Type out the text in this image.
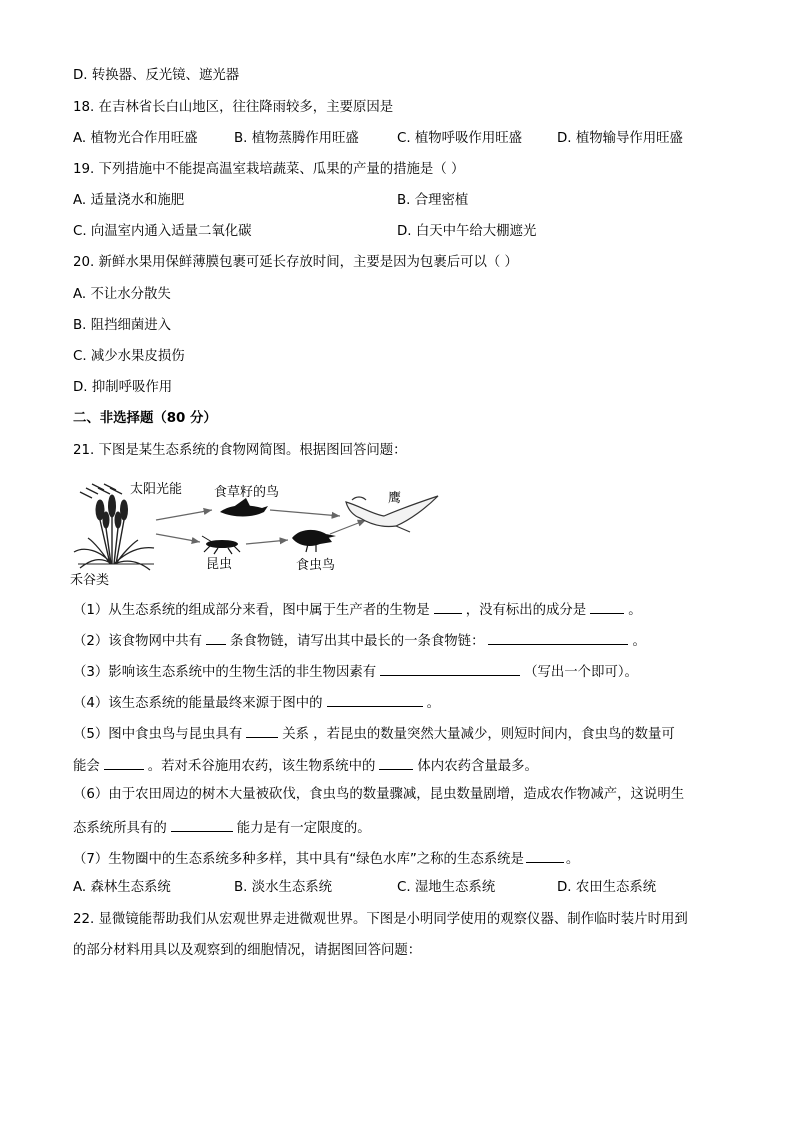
D. 转换器、反光镜、遮光器
18. 在吉林省长白山地区，往往降雨较多，主要原因是
A. 植物光合作用旺盛	B. 植物蒸腾作用旺盛	C. 植物呼吸作用旺盛	D. 植物输导作用旺盛
19. 下列措施中不能提高温室栽培蔬菜、瓜果的产量的措施是（ ）
A. 适量浇水和施肥	B. 合理密植
C. 向温室内通入适量二氧化碳	D. 白天中午给大棚遮光
20. 新鲜水果用保鲜薄膜包裹可延长存放时间，主要是因为包裹后可以（ ）
A. 不让水分散失
B. 阻挡细菌进入
C. 减少水果皮损伤
D. 抑制呼吸作用
二、非选择题（80 分）
21. 下图是某生态系统的食物网简图。根据图回答问题：
太阳光能
禾谷类
食草籽的鸟
昆虫	食虫鸟
鹰
（1）从生态系统的组成部分来看，图中属于生产者的生物是	，没有标出的成分是	。
（2）该食物网中共有 条食物链，请写出其中最长的一条食物链：	。
（3）影响该生态系统中的生物生活的非生物因素有	（写出一个即可）。
（4）该生态系统的能量最终来源于图中的	。
（5）图中食虫鸟与昆虫具有	关系 ，若昆虫的数量突然大量减少，则短时间内，食虫鸟的数量可
能会	。若对禾谷施用农药，该生物系统中的	体内农药含量最多。
（6）由于农田周边的树木大量被砍伐，食虫鸟的数量骤减，昆虫数量剧增，造成农作物减产，这说明生
态系统所具有的	能力是有一定限度的。
（7）生物圈中的生态系统多种多样，其中具有“绿色水库”之称的生态系统是	。
A. 森林生态系统	B. 淡水生态系统	C. 湿地生态系统	D. 农田生态系统
22. 显微镜能帮助我们从宏观世界走进微观世界。下图是小明同学使用的观察仪器、制作临时装片时用到
的部分材料用具以及观察到的细胞情况，请据图回答问题：
